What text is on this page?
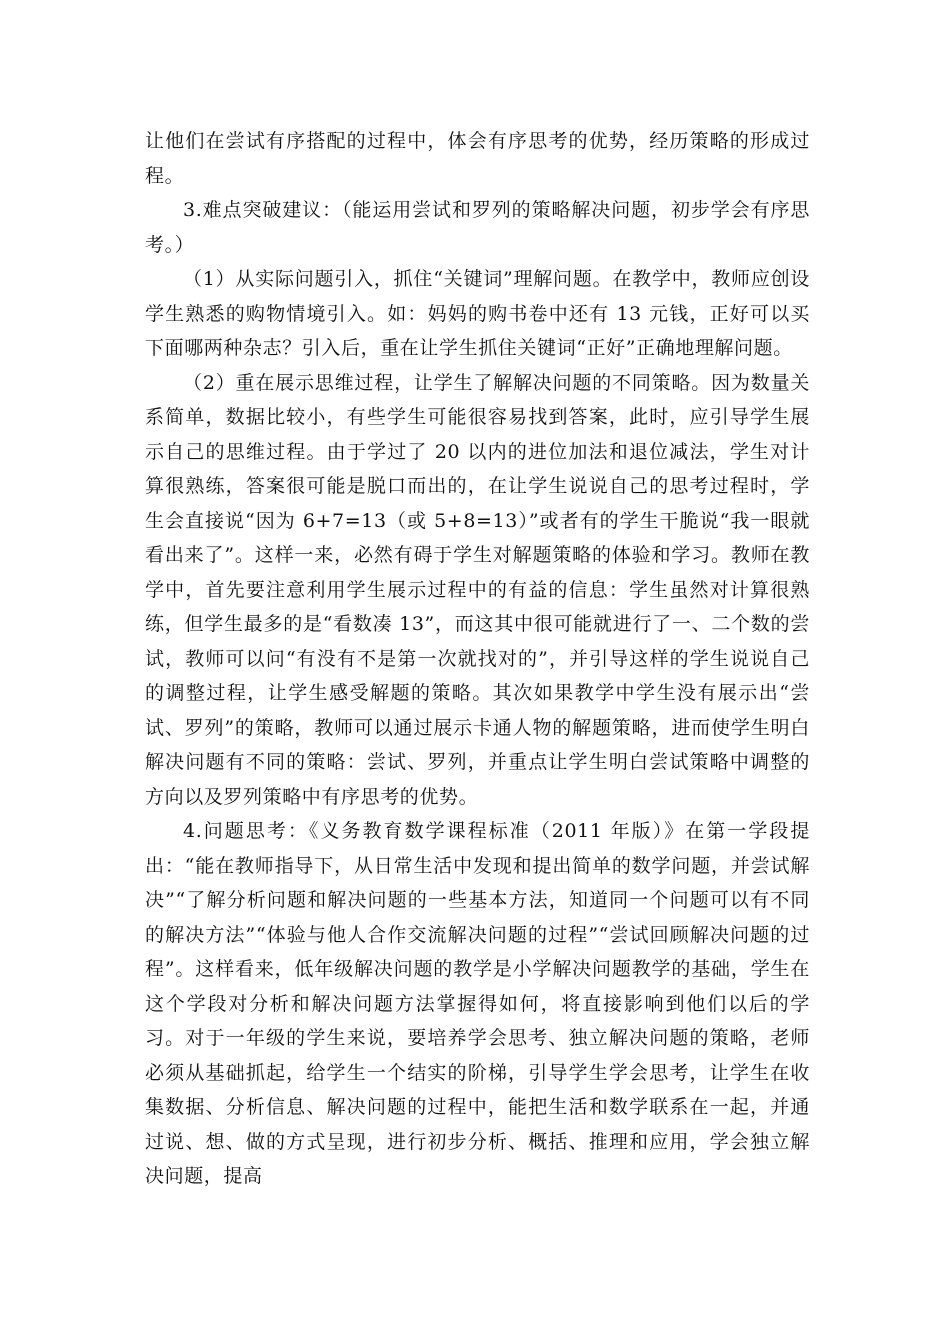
让他们在尝试有序搭配的过程中，体会有序思考的优势，经历策略的形成过程。

3.难点突破建议：（能运用尝试和罗列的策略解决问题，初步学会有序思考。）

（1）从实际问题引入，抓住“关键词”理解问题。在教学中，教师应创设学生熟悉的购物情境引入。如：妈妈的购书卷中还有 13 元钱，正好可以买下面哪两种杂志？引入后，重在让学生抓住关键词“正好”正确地理解问题。

（2）重在展示思维过程，让学生了解解决问题的不同策略。因为数量关系简单，数据比较小，有些学生可能很容易找到答案，此时，应引导学生展示自己的思维过程。由于学过了 20 以内的进位加法和退位减法，学生对计算很熟练，答案很可能是脱口而出的，在让学生说说自己的思考过程时，学生会直接说“因为 6+7=13（或 5+8=13）”或者有的学生干脆说“我一眼就看出来了”。这样一来，必然有碍于学生对解题策略的体验和学习。教师在教学中，首先要注意利用学生展示过程中的有益的信息：学生虽然对计算很熟练，但学生最多的是“看数凑 13”，而这其中很可能就进行了一、二个数的尝试，教师可以问“有没有不是第一次就找对的”，并引导这样的学生说说自己的调整过程，让学生感受解题的策略。其次如果教学中学生没有展示出“尝试、罗列”的策略，教师可以通过展示卡通人物的解题策略，进而使学生明白解决问题有不同的策略：尝试、罗列，并重点让学生明白尝试策略中调整的方向以及罗列策略中有序思考的优势。

4.问题思考：《义务教育数学课程标准（2011 年版）》在第一学段提出：“能在教师指导下，从日常生活中发现和提出简单的数学问题，并尝试解决”“了解分析问题和解决问题的一些基本方法，知道同一个问题可以有不同的解决方法”“体验与他人合作交流解决问题的过程”“尝试回顾解决问题的过程”。这样看来，低年级解决问题的教学是小学解决问题教学的基础，学生在这个学段对分析和解决问题方法掌握得如何，将直接影响到他们以后的学习。对于一年级的学生来说，要培养学会思考、独立解决问题的策略，老师必须从基础抓起，给学生一个结实的阶梯，引导学生学会思考，让学生在收集数据、分析信息、解决问题的过程中，能把生活和数学联系在一起，并通过说、想、做的方式呈现，进行初步分析、概括、推理和应用，学会独立解决问题，提高
